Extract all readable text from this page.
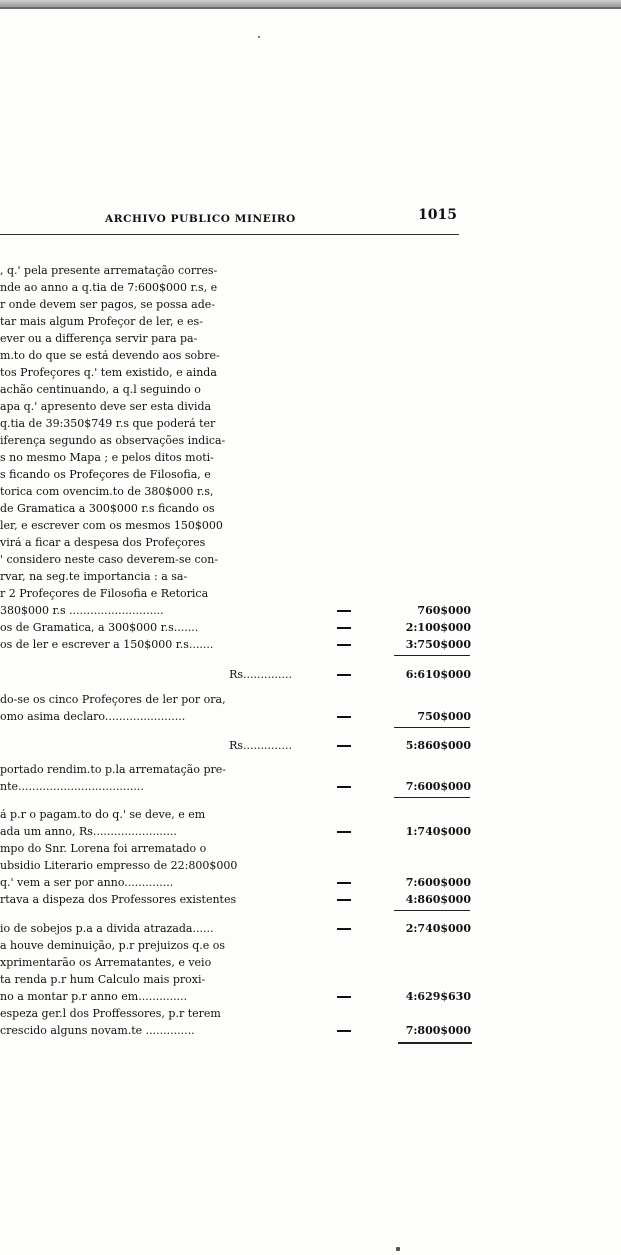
ARCHIVO PUBLICO MINEIRO	1015
, q.' pela presente arrematação corres-
nde ao anno a q.tia de 7:600$000 r.s, e
r onde devem ser pagos, se possa ade-
tar mais algum Profeçor de ler, e es-
ever ou a differença servir para pa-
m.to do que se está devendo aos sobre-
tos Profeçores q.' tem existido, e ainda
achão centinuando, a q.l seguindo o
apa q.' apresento deve ser esta divida
q.tia de 39:350$749 r.s que poderá ter
iferença segundo as observações indica-
s no mesmo Mapa ; e pelos ditos moti-
s ficando os Profeçores de Filosofia, e
torica com ovencim.to de 380$000 r.s,
de Gramatica a 300$000 r.s ficando os
ler, e escrever com os mesmos 150$000
virá a ficar a despesa dos Profeçores
' considero neste caso deverem-se con-
rvar, na seg.te importancia : a sa-
r 2 Profeçores de Filosofia e Retorica
380$000 r.s ...........................
os de Gramatica, a 300$000 r.s.......
os de ler e escrever a 150$000 r.s.......
Rs..............
do-se os cinco Profeçores de ler por ora,
omo asima declaro.......................
Rs..............
portado rendim.to p.la arrematação pre-
nte....................................
á p.r o pagam.to do q.' se deve, e em
ada um anno, Rs........................
mpo do Snr. Lorena foi arrematado o
ubsidio Literario empresso de 22:800$000
q.' vem a ser por anno..............
rtava a dispeza dos Professores existentes
io de sobejos p.a a divida atrazada......
a houve deminuição, p.r prejuizos q.e os
xprimentarão os Arrematantes, e veio
ta renda p.r hum Calculo mais proxi-
no a montar p.r anno em..............
espeza ger.l dos Proffessores, p.r terem
crescido alguns novam.te ..............
760$000
2:100$000
3:750$000
6:610$000
750$000
5:860$000
7:600$000
1:740$000
7:600$000
4:860$000
2:740$000
4:629$630
7:800$000
